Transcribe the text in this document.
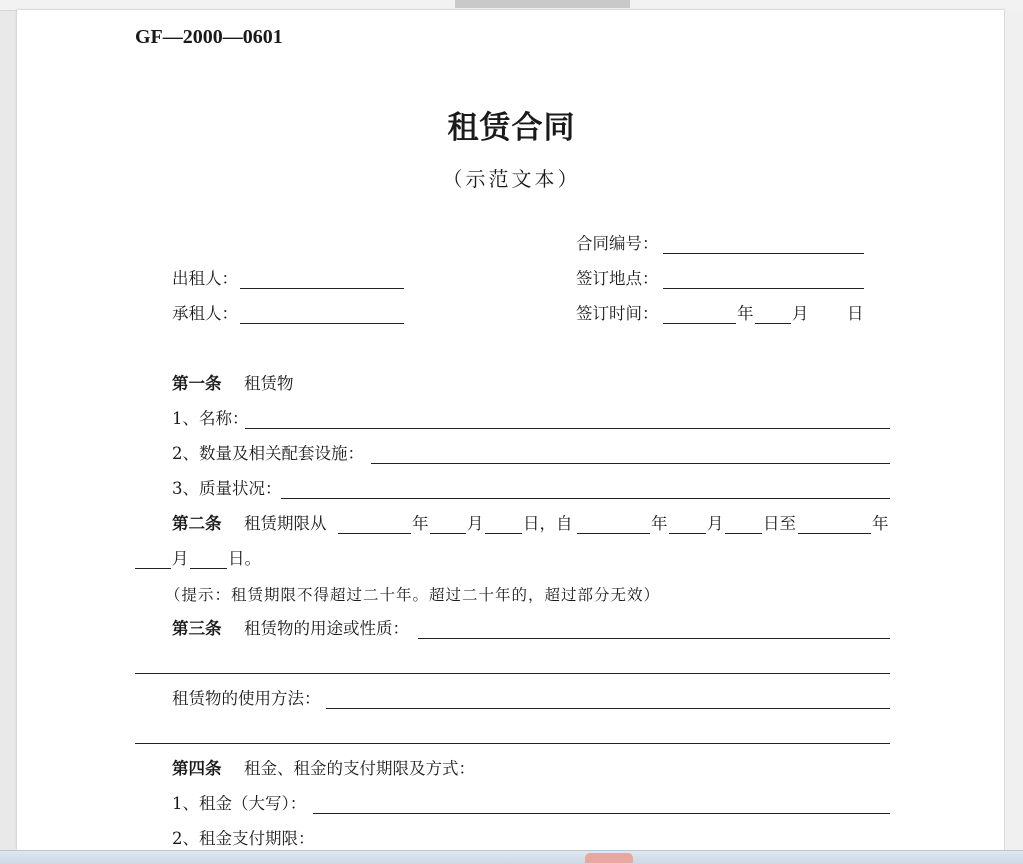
GF—2000—0601
租赁合同
（示范文本）
合同编号：
出租人：	签订地点：
承租人：	签订时间：	年 月 日
第一条 租赁物
1、名称：
2、数量及相关配套设施：
3、质量状况：
第二条 租赁期限从	年 月 日，自	年 月 日至	年
月 日。
（提示：租赁期限不得超过二十年。超过二十年的，超过部分无效）
第三条 租赁物的用途或性质：
租赁物的使用方法：
第四条 租金、租金的支付期限及方式：
1、租金（大写）：
2、租金支付期限：
